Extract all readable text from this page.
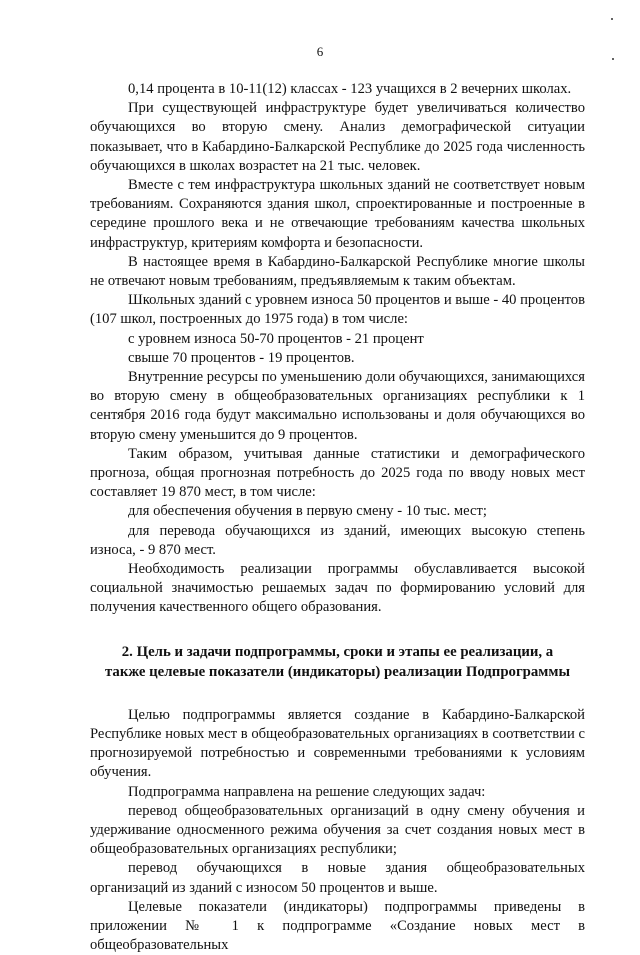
6

0,14 процента в 10-11(12) классах - 123 учащихся в 2 вечерних школах.

При существующей инфраструктуре будет увеличиваться количество обучающихся во вторую смену. Анализ демографической ситуации показывает, что в Кабардино-Балкарской Республике до 2025 года численность обучающихся в школах возрастет на 21 тыс. человек.

Вместе с тем инфраструктура школьных зданий не соответствует новым требованиям. Сохраняются здания школ, спроектированные и построенные в середине прошлого века и не отвечающие требованиям качества школьных инфраструктур, критериям комфорта и безопасности.

В настоящее время в Кабардино-Балкарской Республике многие школы не отвечают новым требованиям, предъявляемым к таким объектам.

Школьных зданий с уровнем износа 50 процентов и выше - 40 процентов (107 школ, построенных до 1975 года) в том числе:

с уровнем износа 50-70 процентов - 21 процент

свыше 70 процентов - 19 процентов.

Внутренние ресурсы по уменьшению доли обучающихся, занимающихся во вторую смену в общеобразовательных организациях республики к 1 сентября 2016 года будут максимально использованы и доля обучающихся во вторую смену уменьшится до 9 процентов.

Таким образом, учитывая данные статистики и демографического прогноза, общая прогнозная потребность до 2025 года по вводу новых мест составляет 19 870 мест, в том числе:

для обеспечения обучения в первую смену - 10 тыс. мест;

для перевода обучающихся из зданий, имеющих высокую степень износа, - 9 870 мест.

Необходимость реализации программы обуславливается высокой социальной значимостью решаемых задач по формированию условий для получения качественного общего образования.

2. Цель и задачи подпрограммы, сроки и этапы ее реализации, а
также целевые показатели (индикаторы) реализации Подпрограммы

Целью подпрограммы является создание в Кабардино-Балкарской Республике новых мест в общеобразовательных организациях в соответствии с прогнозируемой потребностью и современными требованиями к условиям обучения.

Подпрограмма направлена на решение следующих задач:

перевод общеобразовательных организаций в одну смену обучения и удерживание односменного режима обучения за счет создания новых мест в общеобразовательных организациях республики;

перевод обучающихся в новые здания общеобразовательных организаций из зданий с износом 50 процентов и выше.

Целевые показатели (индикаторы) подпрограммы приведены в приложении № 1 к подпрограмме «Создание новых мест в общеобразовательных
